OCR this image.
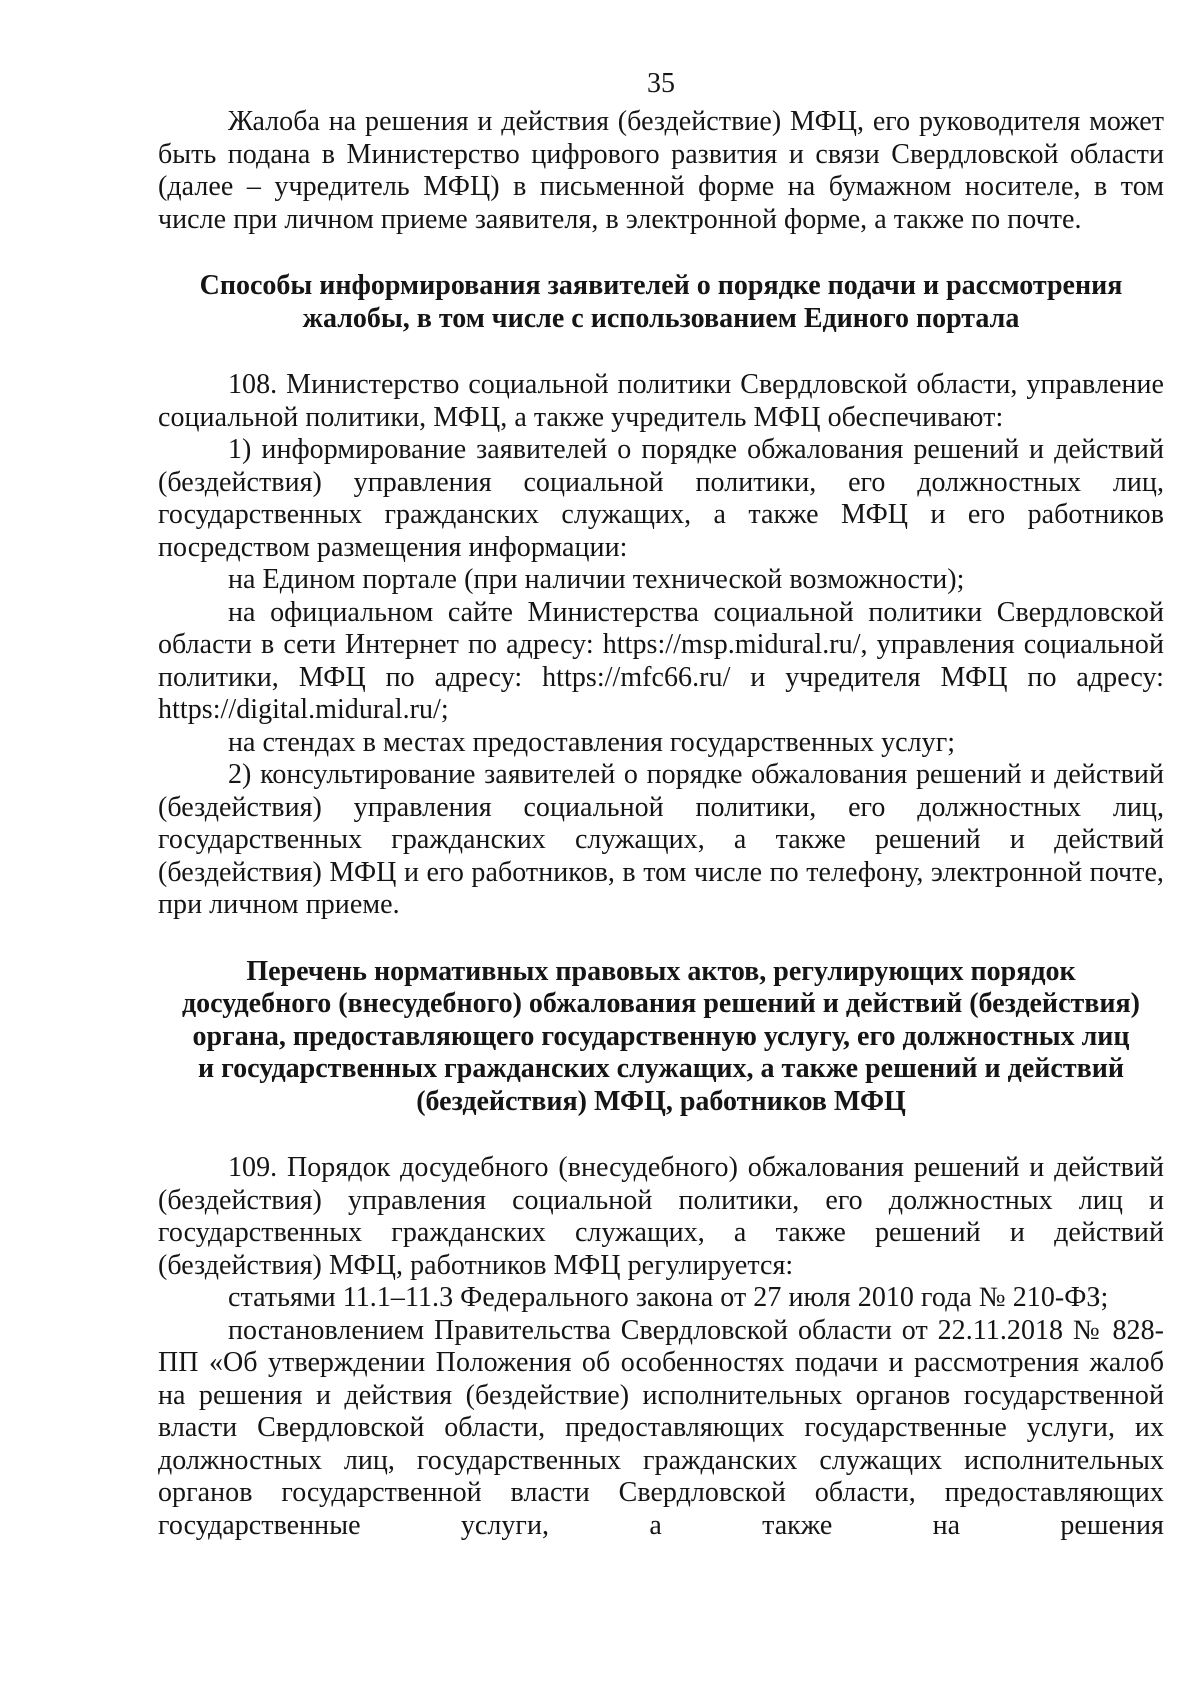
35

Жалоба на решения и действия (бездействие) МФЦ, его руководителя может быть подана в Министерство цифрового развития и связи Свердловской области (далее – учредитель МФЦ) в письменной форме на бумажном носителе, в том числе при личном приеме заявителя, в электронной форме, а также по почте.

Способы информирования заявителей о порядке подачи и рассмотрения
жалобы, в том числе с использованием Единого портала

108. Министерство социальной политики Свердловской области, управление социальной политики, МФЦ, а также учредитель МФЦ обеспечивают:

1) информирование заявителей о порядке обжалования решений и действий (бездействия) управления социальной политики, его должностных лиц, государственных гражданских служащих, а также МФЦ и его работников посредством размещения информации:

на Едином портале (при наличии технической возможности);

на официальном сайте Министерства социальной политики Свердловской области в сети Интернет по адресу: https://msp.midural.ru/, управления социальной политики, МФЦ по адресу: https://mfc66.ru/ и учредителя МФЦ по адресу: https://digital.midural.ru/;

на стендах в местах предоставления государственных услуг;

2) консультирование заявителей о порядке обжалования решений и действий (бездействия) управления социальной политики, его должностных лиц, государственных гражданских служащих, а также решений и действий (бездействия) МФЦ и его работников, в том числе по телефону, электронной почте, при личном приеме.

Перечень нормативных правовых актов, регулирующих порядок
досудебного (внесудебного) обжалования решений и действий (бездействия)
органа, предоставляющего государственную услугу, его должностных лиц
и государственных гражданских служащих, а также решений и действий
(бездействия) МФЦ, работников МФЦ

109. Порядок досудебного (внесудебного) обжалования решений и действий (бездействия) управления социальной политики, его должностных лиц и государственных гражданских служащих, а также решений и действий (бездействия) МФЦ, работников МФЦ регулируется:

статьями 11.1–11.3 Федерального закона от 27 июля 2010 года № 210-ФЗ;

постановлением Правительства Свердловской области от 22.11.2018 № 828-ПП «Об утверждении Положения об особенностях подачи и рассмотрения жалоб на решения и действия (бездействие) исполнительных органов государственной власти Свердловской области, предоставляющих государственные услуги, их должностных лиц, государственных гражданских служащих исполнительных органов государственной власти Свердловской области, предоставляющих государственные услуги, а также на решения
